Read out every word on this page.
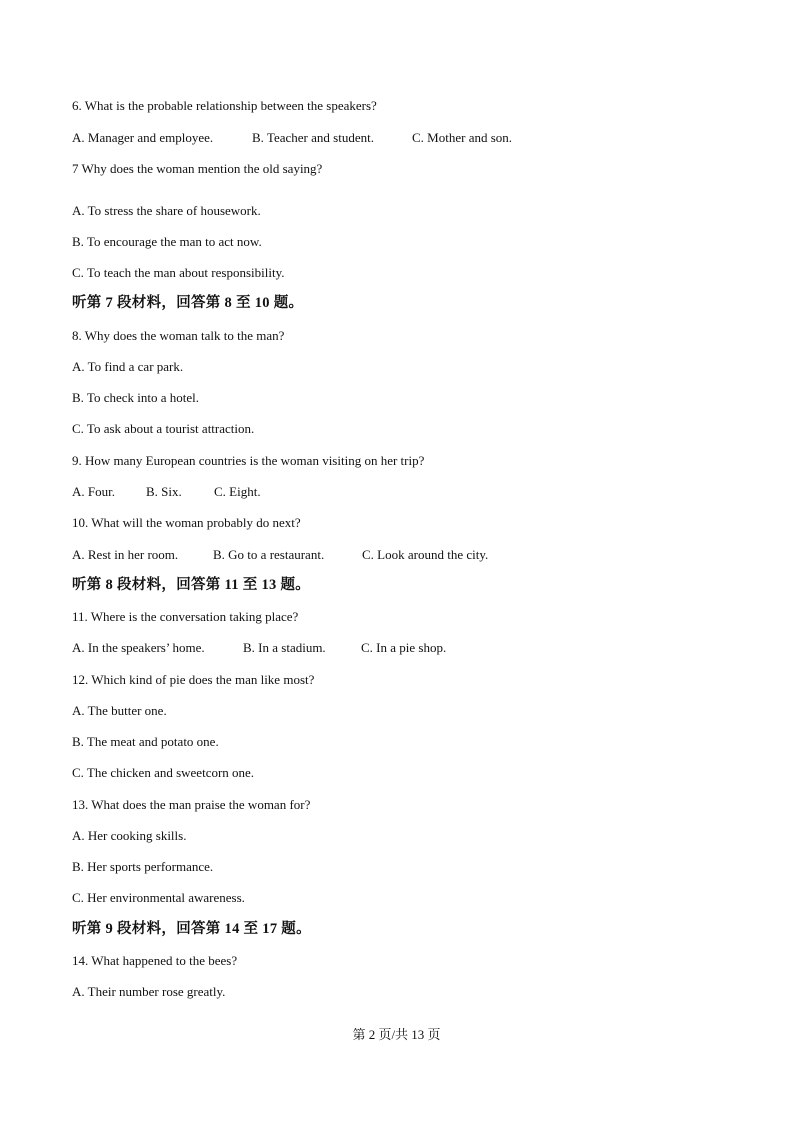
6. What is the probable relationship between the speakers?
A. Manager and employee.	B. Teacher and student.	C. Mother and son.
7 Why does the woman mention the old saying?
A. To stress the share of housework.
B. To encourage the man to act now.
C. To teach the man about responsibility.
听第 7 段材料，回答第 8 至 10 题。
8. Why does the woman talk to the man?
A. To find a car park.
B. To check into a hotel.
C. To ask about a tourist attraction.
9. How many European countries is the woman visiting on her trip?
A. Four. B. Six. C. Eight.
10. What will the woman probably do next?
A. Rest in her room.	B. Go to a restaurant.	C. Look around the city.
听第 8 段材料，回答第 11 至 13 题。
11. Where is the conversation taking place?
A. In the speakers’ home.	B. In a stadium.	C. In a pie shop.
12. Which kind of pie does the man like most?
A. The butter one.
B. The meat and potato one.
C. The chicken and sweetcorn one.
13. What does the man praise the woman for?
A. Her cooking skills.
B. Her sports performance.
C. Her environmental awareness.
听第 9 段材料，回答第 14 至 17 题。
14. What happened to the bees?
A. Their number rose greatly.
第 2 页/共 13 页
